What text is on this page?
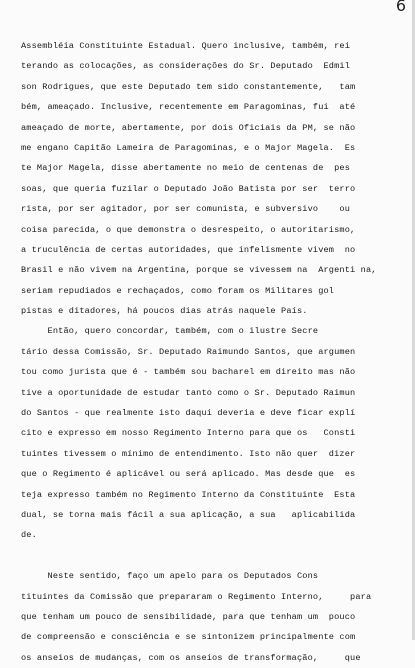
6
Assembléia Constituinte Estadual. Quero inclusive, também, rei
terando as colocações, as considerações do Sr. Deputado  Edmil
son Rodrigues, que este Deputado tem sido constantemente,   tam
bém, ameaçado. Inclusive, recentemente em Paragominas, fui  até
ameaçado de morte, abertamente, por dois Oficiais da PM, se não
me engano Capitão Lameira de Paragominas, e o Major Magela.  Es
te Major Magela, disse abertamente no meio de centenas de  pes
soas, que queria fuzilar o Deputado João Batista por ser  terro
rista, por ser agitador, por ser comunista, e subversivo    ou
coisa parecida, o que demonstra o desrespeito, o autoritarismo,
a truculência de certas autoridades, que infelismente vivem  no
Brasil e não vivem na Argentina, porque se vivessem na  Argenti na,
seriam repudiados e rechaçados, como foram os Militares gol
pistas e ditadores, há poucos dias atrás naquele País.
Então, quero concordar, também, com o ilustre Secre
tário dessa Comissão, Sr. Deputado Raimundo Santos, que argumen
tou como jurista que é - também sou bacharel em direito mas não
tive a oportunidade de estudar tanto como o Sr. Deputado Raimun
do Santos - que realmente isto daqui deveria e deve ficar explí
cito e expresso em nosso Regimento Interno para que os   Consti
tuintes tivessem o mínimo de entendimento. Isto não quer  dizer
que o Regimento é aplicável ou será aplicado. Mas desde que  es
teja expresso também no Regimento Interno da Constituinte  Esta
dual, se torna mais fácil a sua aplicação, a sua   aplicabilida
de.
Neste sentido, faço um apelo para os Deputados Cons
tituintes da Comissão que prepararam o Regimento Interno,     para
que tenham um pouco de sensibilidade, para que tenham um  pouco
de compreensão e consciência e se sintonizem principalmente com
os anseios de mudanças, com os anseios de transformação,     que
